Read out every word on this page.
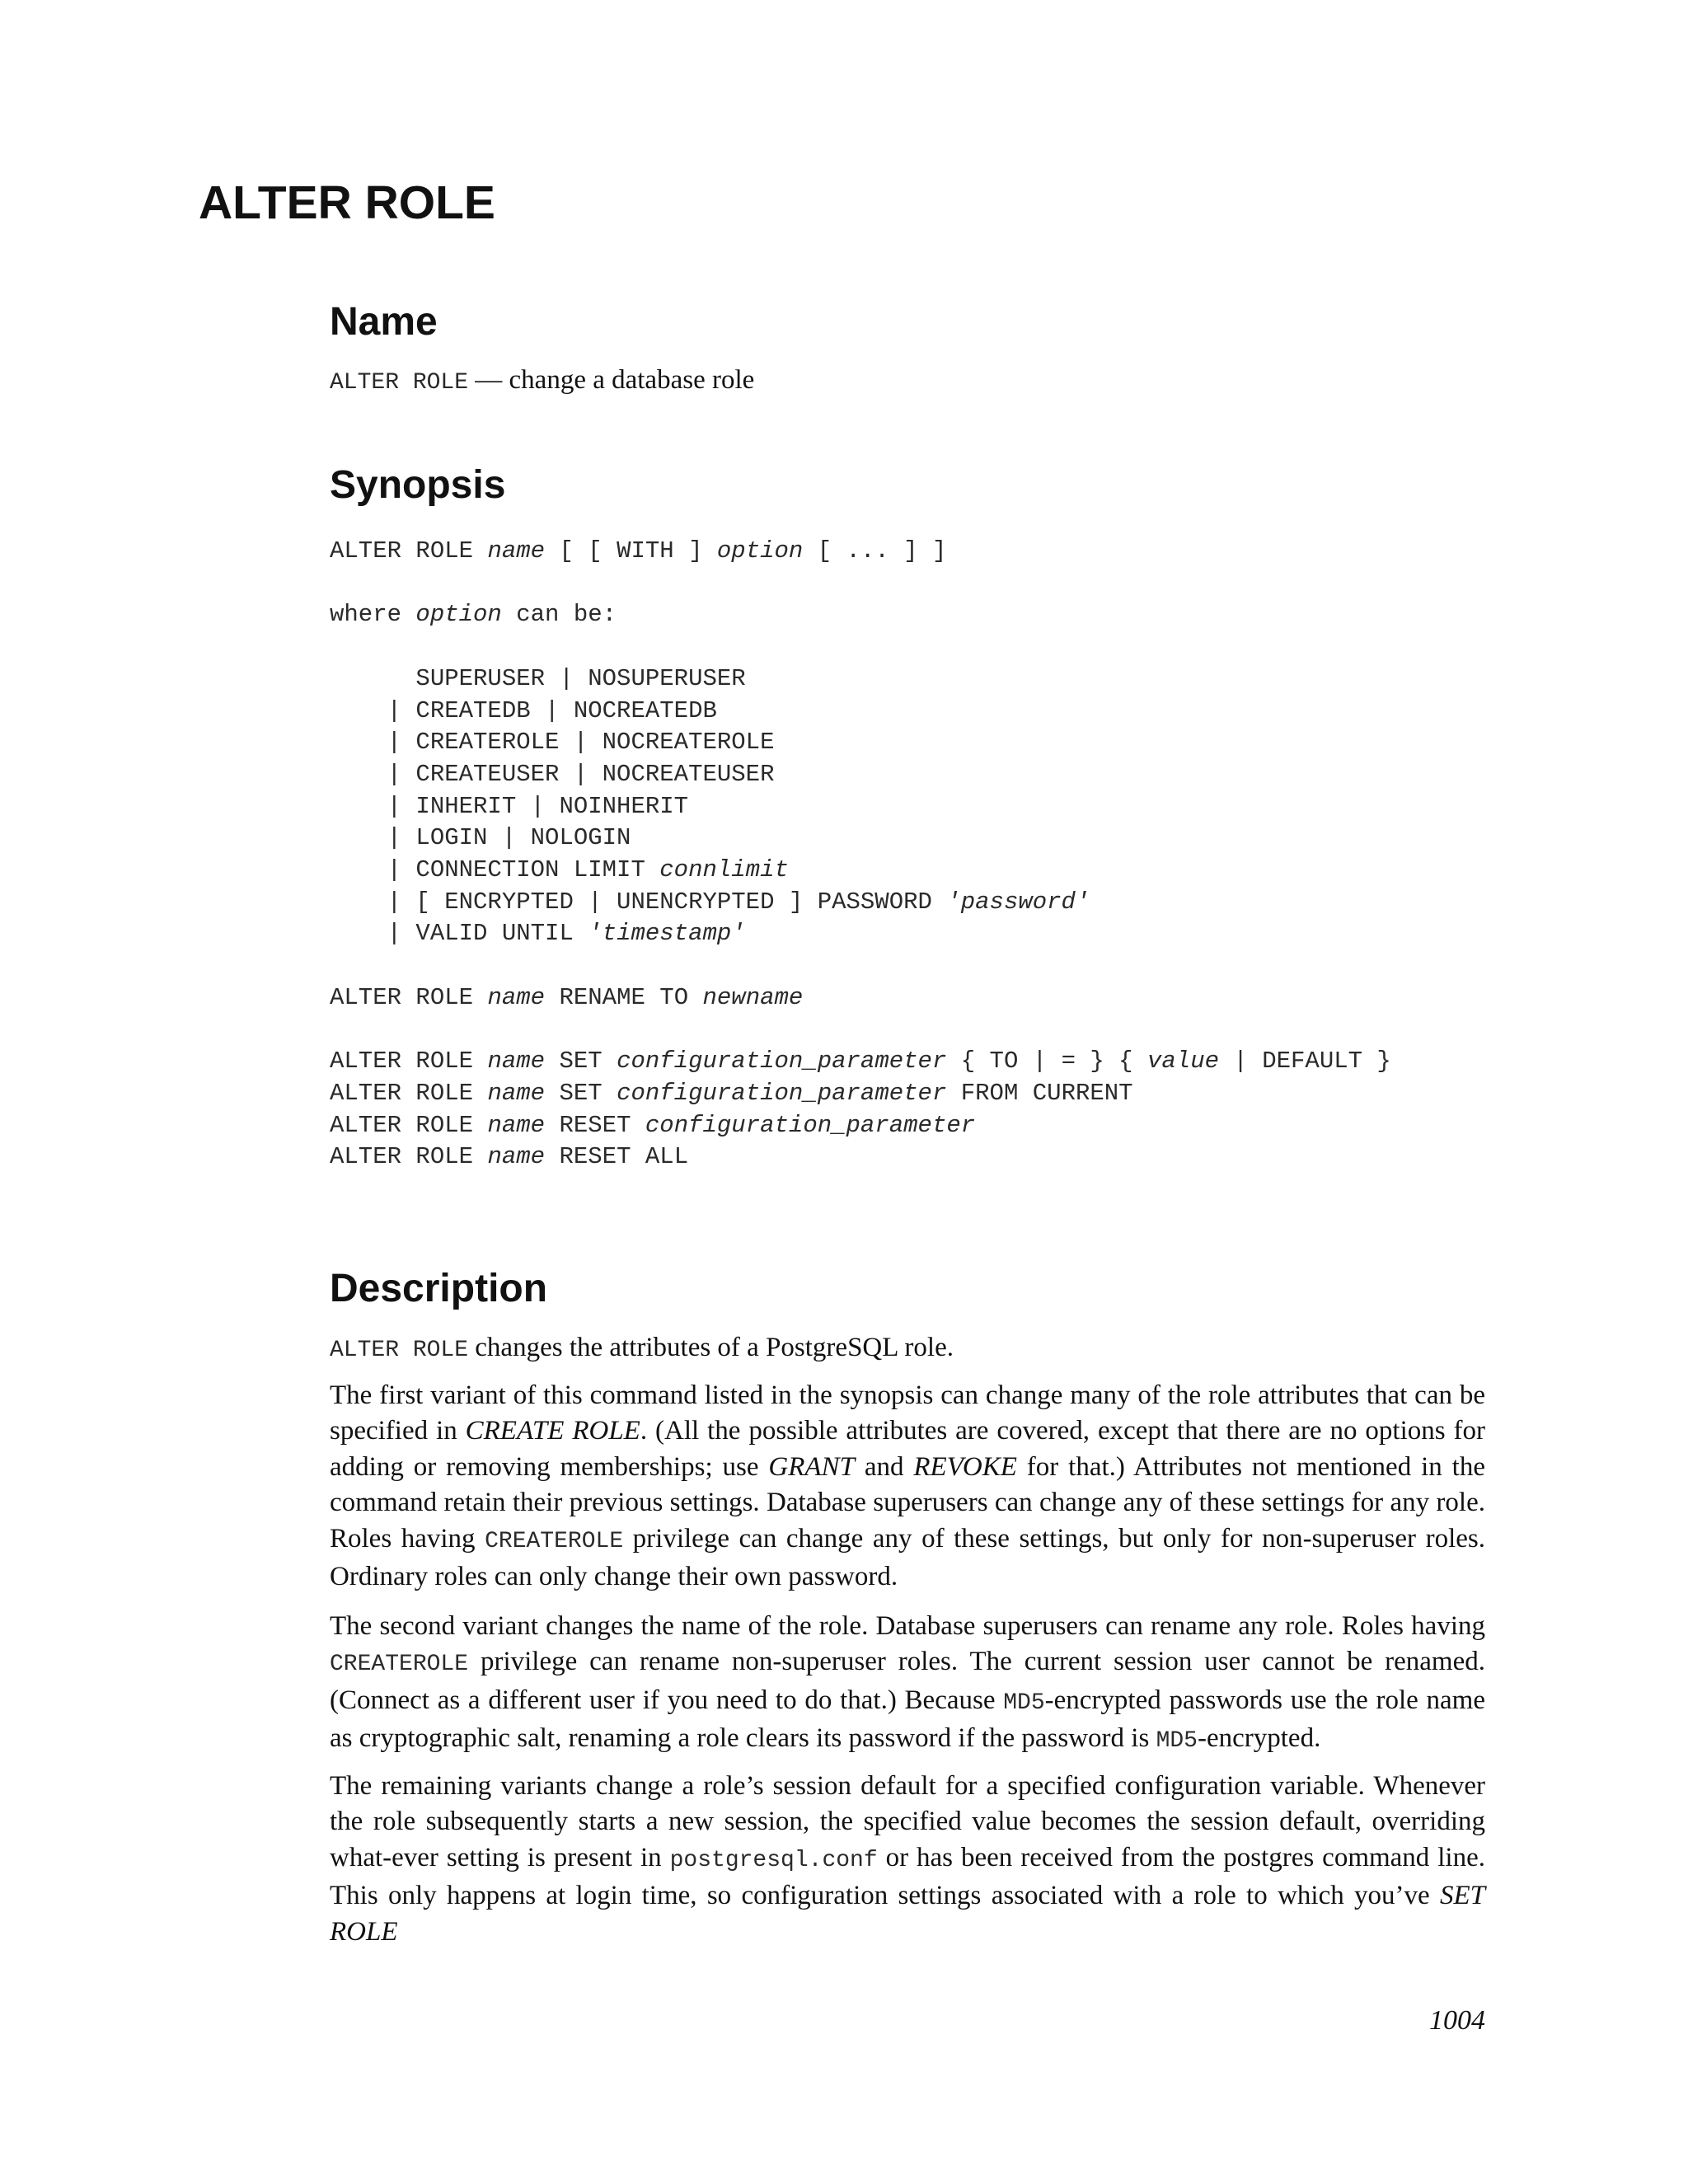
ALTER ROLE
Name
ALTER ROLE — change a database role
Synopsis
ALTER ROLE name [ [ WITH ] option [ ... ] ]

where option can be:

SUPERUSER | NOSUPERUSER
| CREATEDB | NOCREATEDB
| CREATEROLE | NOCREATEROLE
| CREATEUSER | NOCREATEUSER
| INHERIT | NOINHERIT
| LOGIN | NOLOGIN
| CONNECTION LIMIT connlimit
| [ ENCRYPTED | UNENCRYPTED ] PASSWORD 'password'
| VALID UNTIL 'timestamp'

ALTER ROLE name RENAME TO newname

ALTER ROLE name SET configuration_parameter { TO | = } { value | DEFAULT }
ALTER ROLE name SET configuration_parameter FROM CURRENT
ALTER ROLE name RESET configuration_parameter
ALTER ROLE name RESET ALL
Description
ALTER ROLE changes the attributes of a PostgreSQL role.

The first variant of this command listed in the synopsis can change many of the role attributes that can be specified in CREATE ROLE. (All the possible attributes are covered, except that there are no options for adding or removing memberships; use GRANT and REVOKE for that.) Attributes not mentioned in the command retain their previous settings. Database superusers can change any of these settings for any role. Roles having CREATEROLE privilege can change any of these settings, but only for non-superuser roles. Ordinary roles can only change their own password.

The second variant changes the name of the role. Database superusers can rename any role. Roles having CREATEROLE privilege can rename non-superuser roles. The current session user cannot be renamed. (Connect as a different user if you need to do that.) Because MD5-encrypted passwords use the role name as cryptographic salt, renaming a role clears its password if the password is MD5-encrypted.

The remaining variants change a role’s session default for a specified configuration variable. Whenever the role subsequently starts a new session, the specified value becomes the session default, overriding what-ever setting is present in postgresql.conf or has been received from the postgres command line. This only happens at login time, so configuration settings associated with a role to which you’ve SET ROLE

1004
